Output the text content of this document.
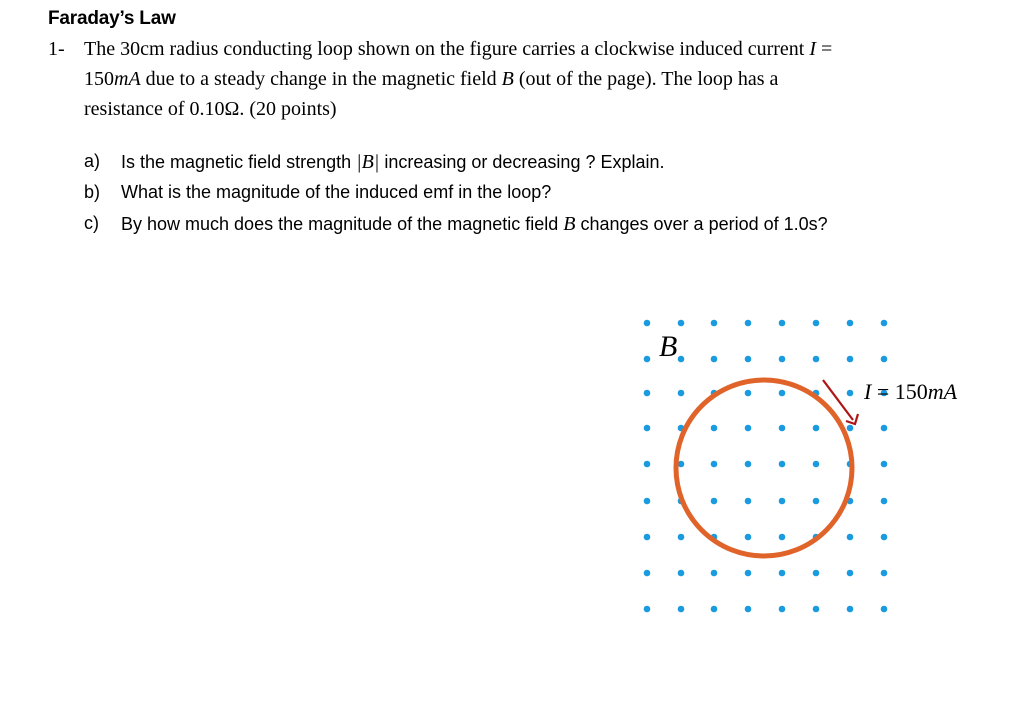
Faraday’s Law
1- The 30cm radius conducting loop shown on the figure carries a clockwise induced current I =
150mA due to a steady change in the magnetic field B (out of the page). The loop has a
resistance of 0.10Ω. (20 points)
a) Is the magnetic field strength |B| increasing or decreasing ? Explain.
b) What is the magnitude of the induced emf in the loop?
c) By how much does the magnitude of the magnetic field B changes over a period of 1.0s?
B
I = 150mA
